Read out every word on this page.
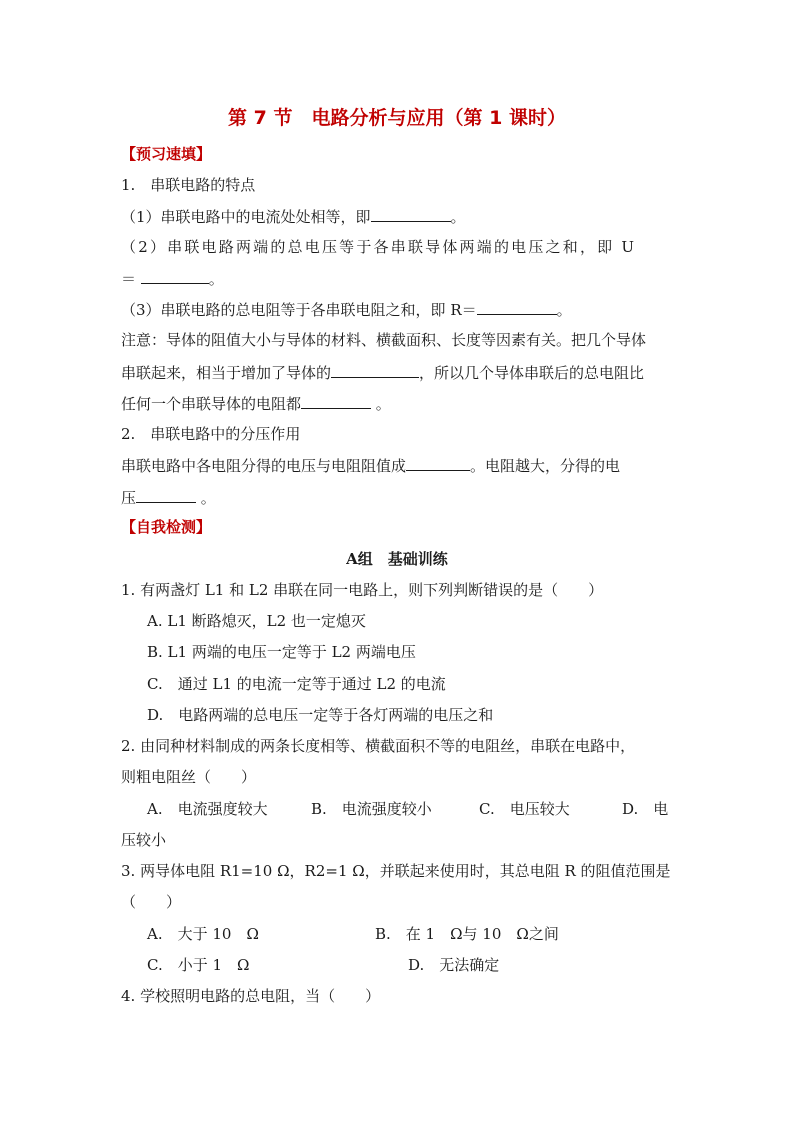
第 7 节　电路分析与应用（第 1 课时）
【预习速填】
1.　串联电路的特点
（1）串联电路中的电流处处相等，即	。
（2）串联电路两端的总电压等于各串联导体两端的电压之和，即 U
＝	。
（3）串联电路的总电阻等于各串联电阻之和，即 R＝	。
注意：导体的阻值大小与导体的材料、横截面积、长度等因素有关。把几个导体
串联起来，相当于增加了导体的	，所以几个导体串联后的总电阻比
任何一个串联导体的电阻都	。
2.　串联电路中的分压作用
串联电路中各电阻分得的电压与电阻阻值成	。电阻越大，分得的电
压	。
【自我检测】
A组　基础训练
1. 有两盏灯 L1 和 L2 串联在同一电路上，则下列判断错误的是（　　）
A. L1 断路熄灭，L2 也一定熄灭
B. L1 两端的电压一定等于 L2 两端电压
C.　通过 L1 的电流一定等于通过 L2 的电流
D.　电路两端的总电压一定等于各灯两端的电压之和
2. 由同种材料制成的两条长度相等、横截面积不等的电阻丝，串联在电路中，
则粗电阻丝（　　）
A.　电流强度较大	B.　电流强度较小	C.　电压较大	D.　电
压较小
3. 两导体电阻 R1=10 Ω，R2=1 Ω，并联起来使用时，其总电阻 R 的阻值范围是
（　　）
A.　大于 10　Ω	B.　在 1　Ω与 10　Ω之间
C.　小于 1　Ω	D.　无法确定
4. 学校照明电路的总电阻，当（　　）
